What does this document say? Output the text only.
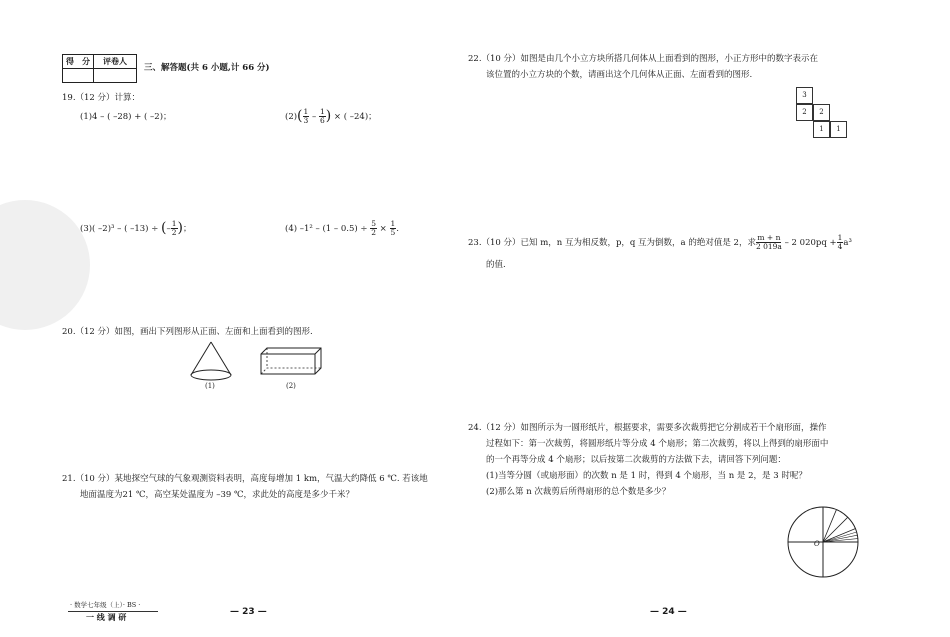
得　分	评卷人

三、解答题(共 6 小题,计 66 分)
19.（12 分）计算：
(1)4 – ( –28) + ( –2)；	$(2)( \frac{1}{3} - \frac{1}{6}$ ) × ( –24)；
(3)( –2)³ – ( –13) ÷ (– $\frac{1}{2}$ )；	(4) $-1^2 - (1 - 0.5) \div \frac{5}{2} \times \frac{1}{5}$ .
20.（12 分）如图，画出下列图形从正面、左面和上面看到的图形.
(1)	(2)
21.（10 分）某地探空气球的气象观测资料表明，高度每增加 1 km，气温大约降低 6 ℃. 若该地
地面温度为21 ℃，高空某处温度为 –39 ℃，求此处的高度是多少千米？
· 数学七年级（上）· BS ·
一 线 调 研	— 23 —
22.（10 分）如图是由几个小立方块所搭几何体从上面看到的图形，小正方形中的数字表示在
该位置的小立方块的个数，请画出这个几何体从正面、左面看到的图形.
3
2	2
1	1
23.（10 分）已知 m，n 互为相反数，p，q 互为倒数，a 的绝对值是 2，求 $\frac{m + n}{2 019a} - 2$ $020pq + \frac{1}{4} a^3$
的值.
24.（12 分）如图所示为一圆形纸片，根据要求，需要多次裁剪把它分割成若干个扇形面，操作
过程如下：第一次裁剪，将圆形纸片等分成 4 个扇形；第二次裁剪，将以上得到的扇形面中
的一个再等分成 4 个扇形；以后按第二次裁剪的方法做下去，请回答下列问题：
(1)当等分圆（或扇形面）的次数 n 是 1 时，得到 4 个扇形，当 n 是 2，是 3 时呢？
(2)那么第 n 次裁剪后所得扇形的总个数是多少？
O
— 24 —
